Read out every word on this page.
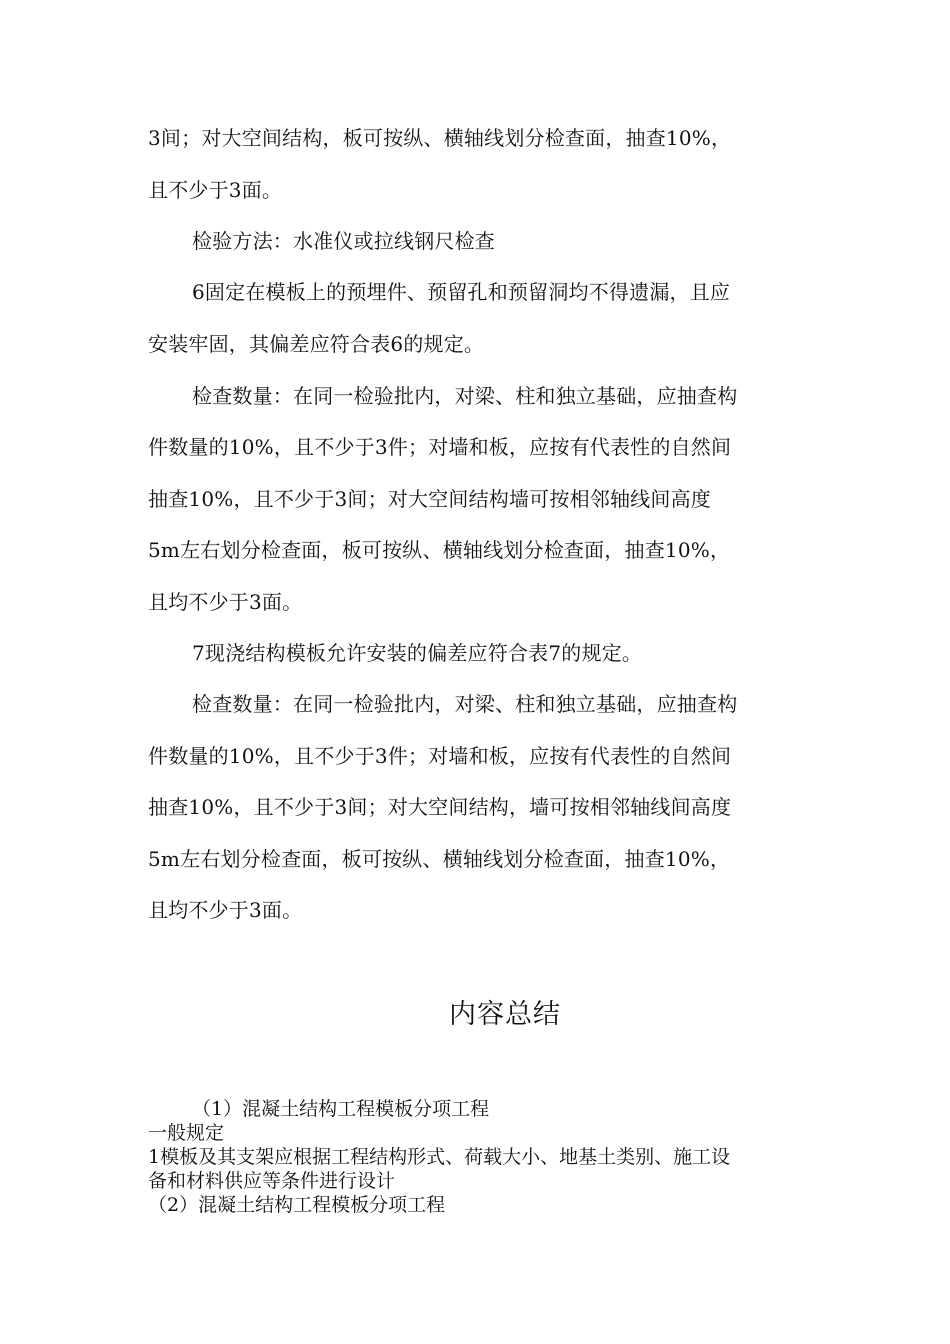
3间；对大空间结构，板可按纵、横轴线划分检查面，抽查10%，
且不少于3面。
检验方法：水准仪或拉线钢尺检查
6固定在模板上的预埋件、预留孔和预留洞均不得遗漏，且应
安装牢固，其偏差应符合表6的规定。
检查数量：在同一检验批内，对梁、柱和独立基础，应抽查构
件数量的10%，且不少于3件；对墙和板，应按有代表性的自然间
抽查10%，且不少于3间；对大空间结构墙可按相邻轴线间高度
5m左右划分检查面，板可按纵、横轴线划分检查面，抽查10%，
且均不少于3面。
7现浇结构模板允许安装的偏差应符合表7的规定。
检查数量：在同一检验批内，对梁、柱和独立基础，应抽查构
件数量的10%，且不少于3件；对墙和板，应按有代表性的自然间
抽查10%，且不少于3间；对大空间结构，墙可按相邻轴线间高度
5m左右划分检查面，板可按纵、横轴线划分检查面，抽查10%，
且均不少于3面。
内容总结
（1）混凝土结构工程模板分项工程
一般规定
1模板及其支架应根据工程结构形式、荷载大小、地基土类别、施工设
备和材料供应等条件进行设计
（2）混凝土结构工程模板分项工程
